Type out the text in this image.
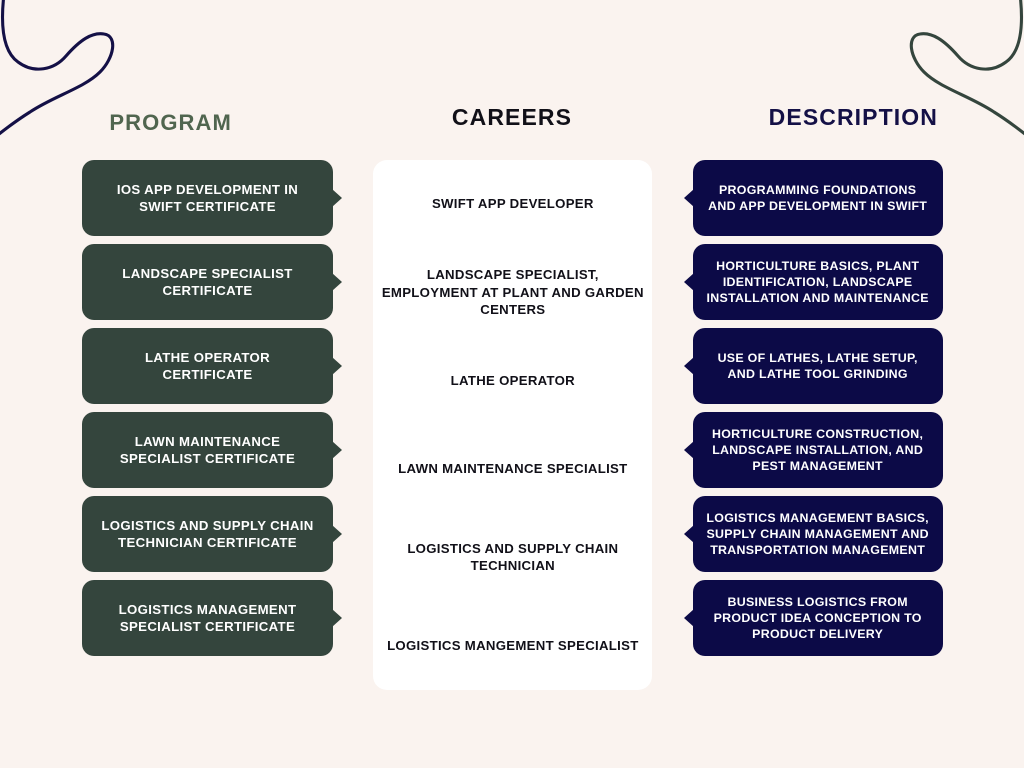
PROGRAM
IOS APP DEVELOPMENT IN SWIFT CERTIFICATE
LANDSCAPE SPECIALIST CERTIFICATE
LATHE OPERATOR CERTIFICATE
LAWN MAINTENANCE SPECIALIST CERTIFICATE
LOGISTICS AND SUPPLY CHAIN TECHNICIAN CERTIFICATE
LOGISTICS MANAGEMENT SPECIALIST CERTIFICATE
CAREERS
SWIFT APP DEVELOPER
LANDSCAPE SPECIALIST, EMPLOYMENT AT PLANT AND GARDEN CENTERS
LATHE OPERATOR
LAWN MAINTENANCE SPECIALIST
LOGISTICS AND SUPPLY CHAIN TECHNICIAN
LOGISTICS MANGEMENT SPECIALIST
DESCRIPTION
PROGRAMMING FOUNDATIONS AND APP DEVELOPMENT IN SWIFT
HORTICULTURE BASICS, PLANT IDENTIFICATION, LANDSCAPE INSTALLATION AND MAINTENANCE
USE OF LATHES, LATHE SETUP, AND LATHE TOOL GRINDING
HORTICULTURE CONSTRUCTION, LANDSCAPE INSTALLATION, AND PEST MANAGEMENT
LOGISTICS MANAGEMENT BASICS, SUPPLY CHAIN MANAGEMENT AND TRANSPORTATION MANAGEMENT
BUSINESS LOGISTICS FROM PRODUCT IDEA CONCEPTION TO PRODUCT DELIVERY
